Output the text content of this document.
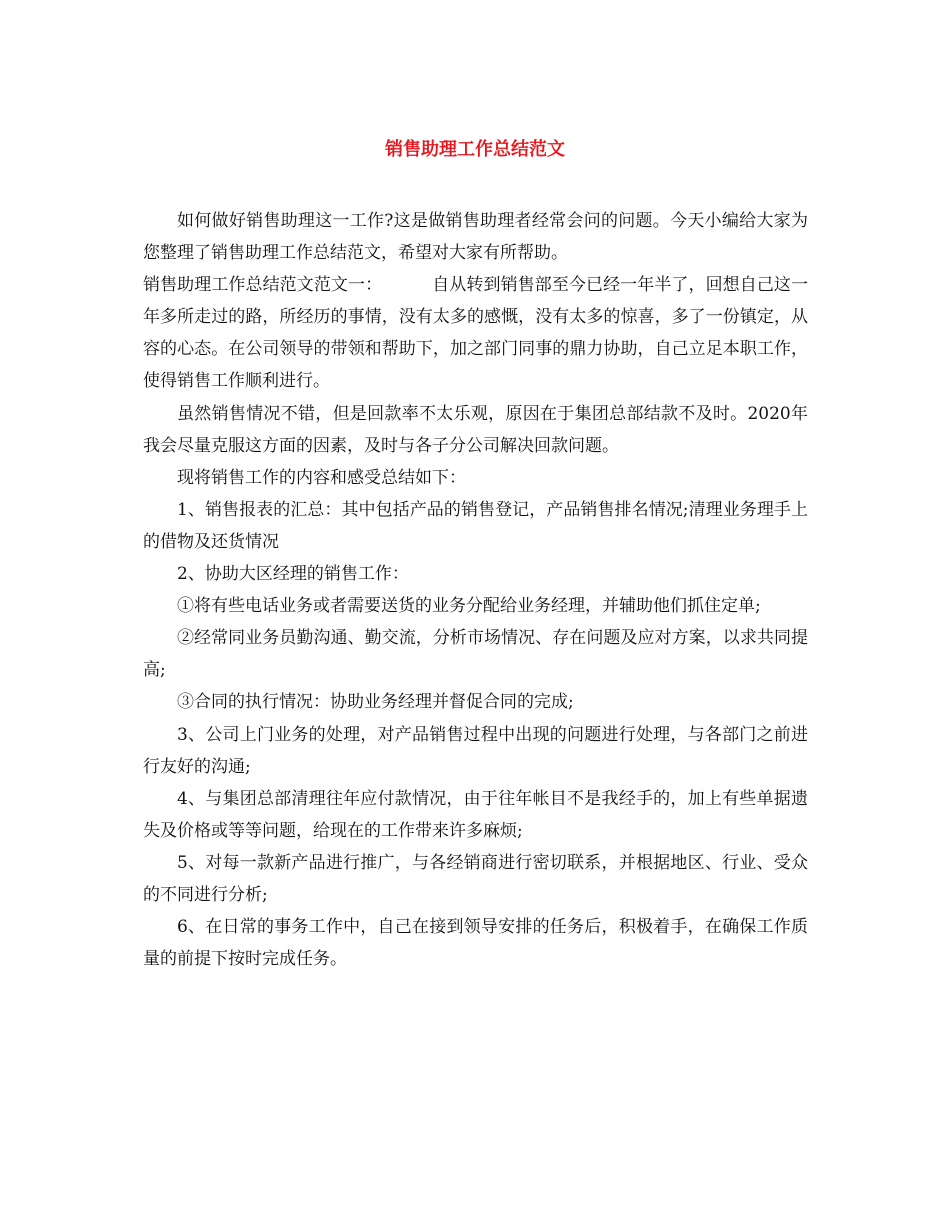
销售助理工作总结范文

如何做好销售助理这一工作?这是做销售助理者经常会问的问题。今天小编给大家为您整理了销售助理工作总结范文，希望对大家有所帮助。

销售助理工作总结范文范文一：	自从转到销售部至今已经一年半了，回想自己这一年多所走过的路，所经历的事情，没有太多的感慨，没有太多的惊喜，多了一份镇定，从容的心态。在公司领导的带领和帮助下，加之部门同事的鼎力协助，自己立足本职工作，使得销售工作顺利进行。

虽然销售情况不错，但是回款率不太乐观，原因在于集团总部结款不及时。2020年我会尽量克服这方面的因素，及时与各子分公司解决回款问题。

现将销售工作的内容和感受总结如下：

1、销售报表的汇总：其中包括产品的销售登记，产品销售排名情况;清理业务理手上的借物及还货情况

2、协助大区经理的销售工作：

①将有些电话业务或者需要送货的业务分配给业务经理，并辅助他们抓住定单;

②经常同业务员勤沟通、勤交流，分析市场情况、存在问题及应对方案，以求共同提高;

③合同的执行情况：协助业务经理并督促合同的完成;

3、公司上门业务的处理，对产品销售过程中出现的问题进行处理，与各部门之前进行友好的沟通;

4、与集团总部清理往年应付款情况，由于往年帐目不是我经手的，加上有些单据遗失及价格或等等问题，给现在的工作带来许多麻烦;

5、对每一款新产品进行推广，与各经销商进行密切联系，并根据地区、行业、受众的不同进行分析;

6、在日常的事务工作中，自己在接到领导安排的任务后，积极着手，在确保工作质量的前提下按时完成任务。
